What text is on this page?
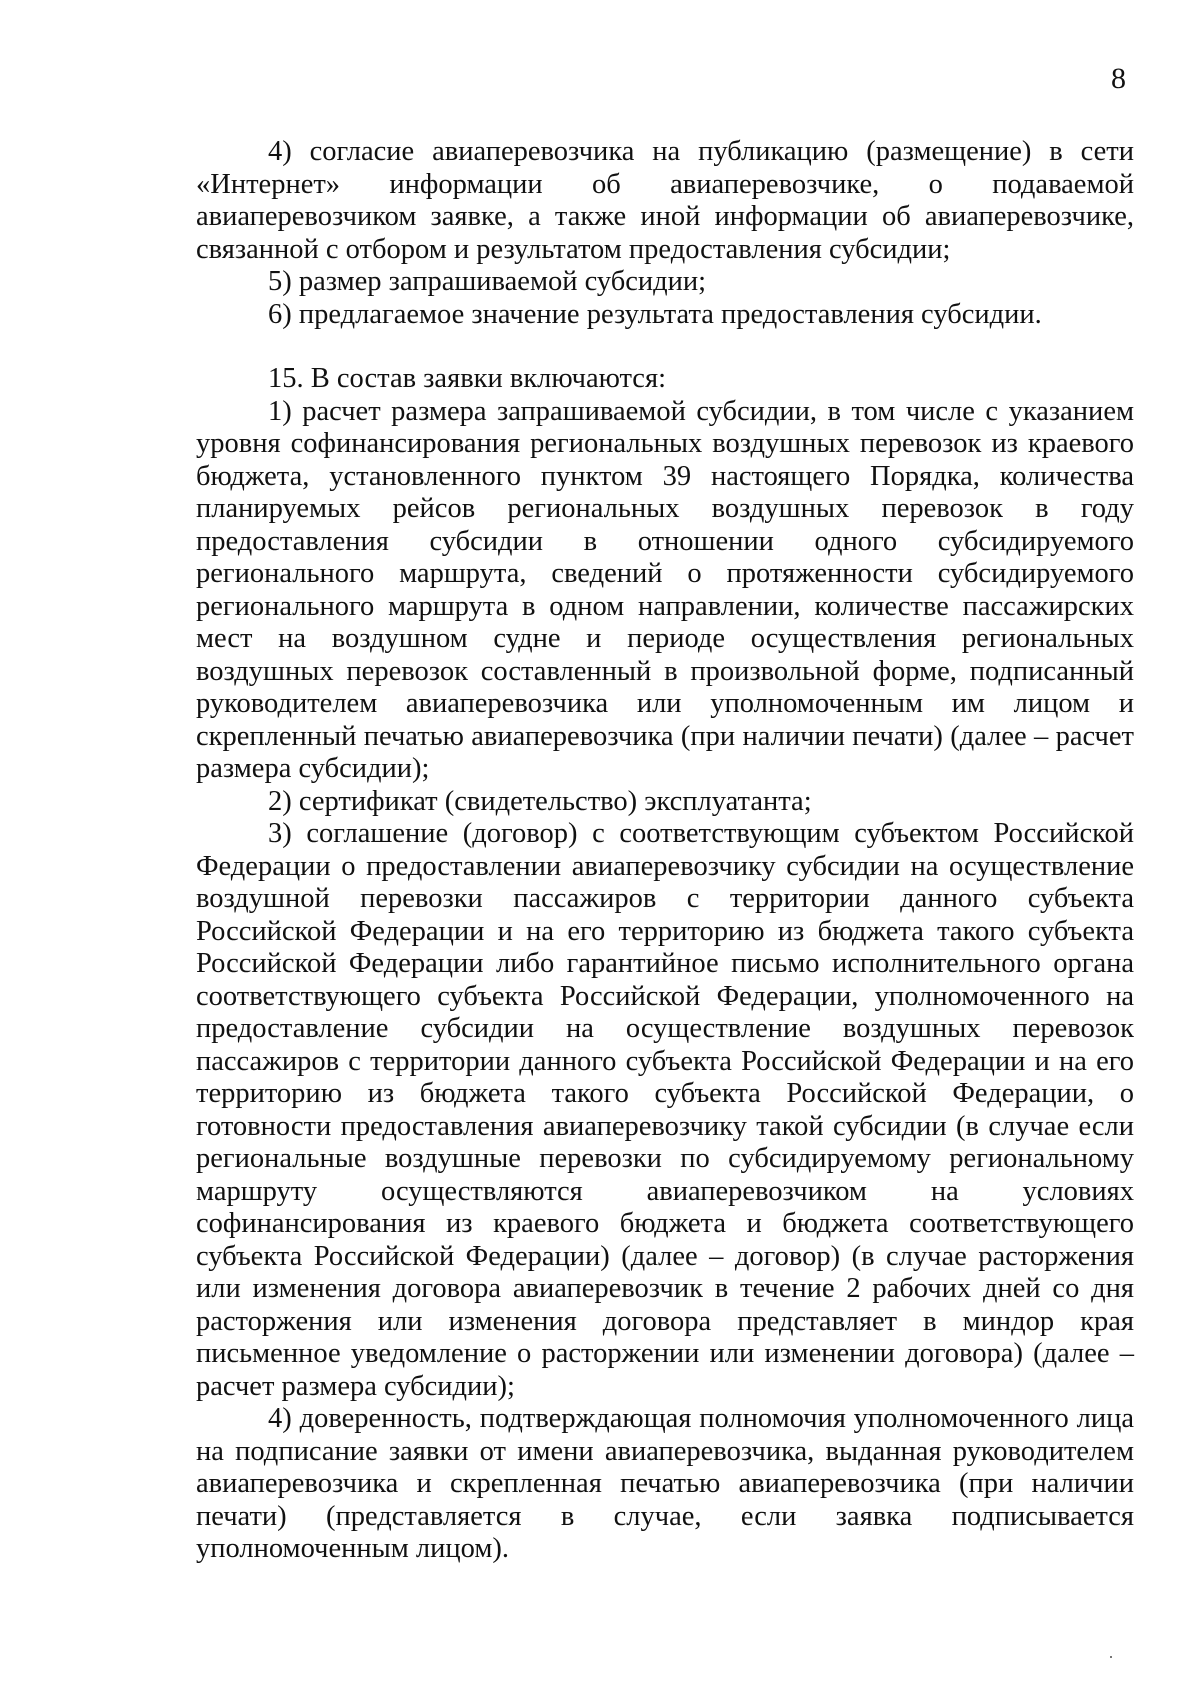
8

4) согласие авиаперевозчика на публикацию (размещение) в сети «Интернет» информации об авиаперевозчике, о подаваемой авиаперевозчиком заявке, а также иной информации об авиаперевозчике, связанной с отбором и результатом предоставления субсидии;

5) размер запрашиваемой субсидии;

6) предлагаемое значение результата предоставления субсидии.

15. В состав заявки включаются:

1) расчет размера запрашиваемой субсидии, в том числе с указанием уровня софинансирования региональных воздушных перевозок из краевого бюджета, установленного пунктом 39 настоящего Порядка, количества планируемых рейсов региональных воздушных перевозок в году предоставления субсидии в отношении одного субсидируемого регионального маршрута, сведений о протяженности субсидируемого регионального маршрута в одном направлении, количестве пассажирских мест на воздушном судне и периоде осуществления региональных воздушных перевозок составленный в произвольной форме, подписанный руководителем авиаперевозчика или уполномоченным им лицом и скрепленный печатью авиаперевозчика (при наличии печати) (далее – расчет размера субсидии);

2) сертификат (свидетельство) эксплуатанта;

3) соглашение (договор) с соответствующим субъектом Российской Федерации о предоставлении авиаперевозчику субсидии на осуществление воздушной перевозки пассажиров с территории данного субъекта Российской Федерации и на его территорию из бюджета такого субъекта Российской Федерации либо гарантийное письмо исполнительного органа соответствующего субъекта Российской Федерации, уполномоченного на предоставление субсидии на осуществление воздушных перевозок пассажиров с территории данного субъекта Российской Федерации и на его территорию из бюджета такого субъекта Российской Федерации, о готовности предоставления авиаперевозчику такой субсидии (в случае если региональные воздушные перевозки по субсидируемому региональному маршруту осуществляются авиаперевозчиком на условиях софинансирования из краевого бюджета и бюджета соответствующего субъекта Российской Федерации) (далее – договор) (в случае расторжения или изменения договора авиаперевозчик в течение 2 рабочих дней со дня расторжения или изменения договора представляет в миндор края письменное уведомление о расторжении или изменении договора) (далее – расчет размера субсидии);

4) доверенность, подтверждающая полномочия уполномоченного лица на подписание заявки от имени авиаперевозчика, выданная руководителем авиаперевозчика и скрепленная печатью авиаперевозчика (при наличии печати) (представляется в случае, если заявка подписывается уполномоченным лицом).
